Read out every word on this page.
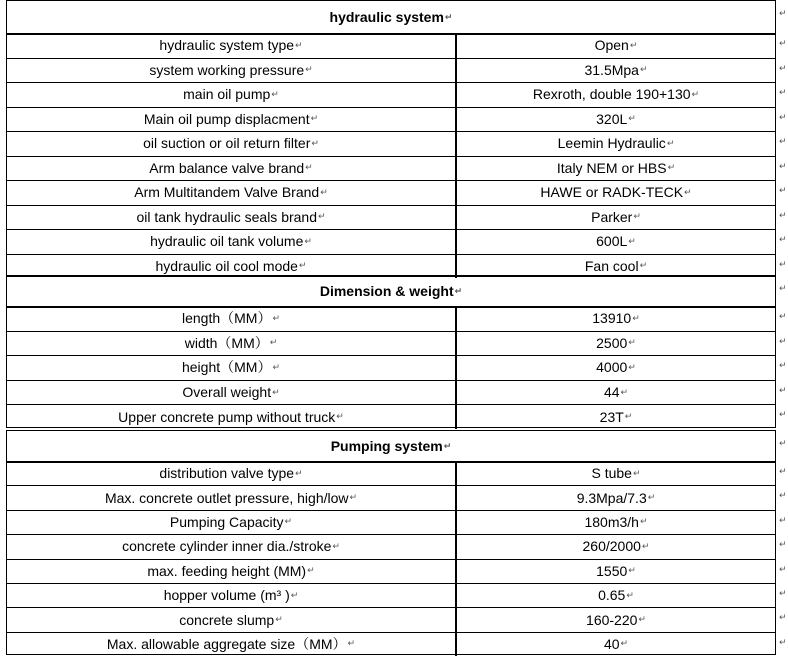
↵
↵
↵
↵
↵
↵
↵
↵
↵
↵
↵
hydraulic system ↵
hydraulic system type ↵	Open ↵
system working pressure ↵	31.5Mpa ↵
main oil pump ↵	Rexroth, double 190+130 ↵
Main oil pump displacment ↵	320L ↵
oil suction or oil return filter ↵	Leemin Hydraulic ↵
Arm balance valve brand ↵	Italy NEM or HBS ↵
Arm Multitandem Valve Brand ↵	HAWE or RADK-TECK ↵
oil tank hydraulic seals brand ↵	Parker ↵
hydraulic oil tank volume ↵	600L ↵
hydraulic oil cool mode ↵	Fan cool ↵
↵
↵
↵
↵
↵
↵
Dimension & weight ↵
length（MM） ↵	13910 ↵
width（MM） ↵	2500 ↵
height（MM） ↵	4000 ↵
Overall weight ↵	44 ↵
Upper concrete pump without truck ↵	23T ↵
↵
↵
↵
↵
↵
↵
↵
↵
↵
Pumping system ↵
distribution valve type ↵	S tube ↵
Max. concrete outlet pressure, high/low ↵	9.3Mpa/7.3 ↵
Pumping Capacity ↵	180m3/h ↵
concrete cylinder inner dia./stroke ↵	260/2000 ↵
max. feeding height (MM) ↵	1550 ↵
hopper volume (m³ ) ↵	0.65 ↵
concrete slump ↵	160-220 ↵
Max. allowable aggregate size（MM） ↵	40 ↵
